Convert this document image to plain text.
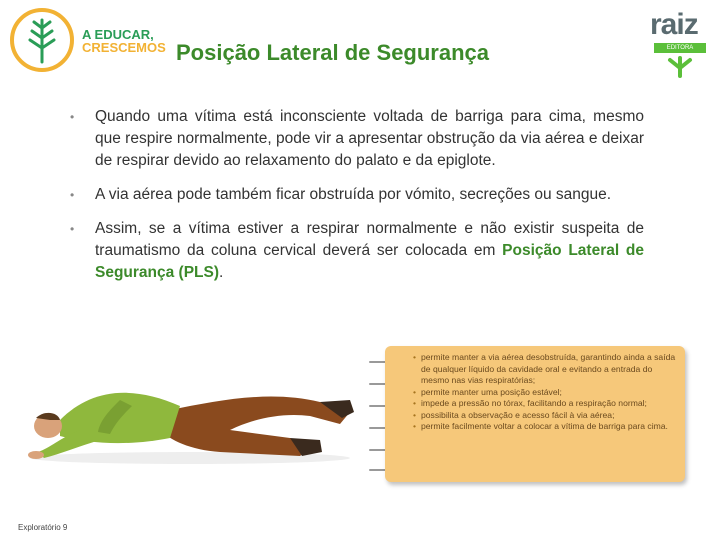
A EDUCAR,
CRESCEMOS Posição Lateral de Segurança
raiz
EDITORA
• Quando uma vítima está inconsciente voltada de barriga para cima, mesmo que respire normalmente, pode vir a apresentar obstrução da via aérea e deixar de respirar devido ao relaxamento do palato e da epiglote.
• A via aérea pode também ficar obstruída por vómito, secreções ou sangue.
• Assim, se a vítima estiver a respirar normalmente e não existir suspeita de traumatismo da coluna cervical deverá ser colocada em Posição Lateral de Segurança (PLS).
• permite manter a via aérea desobstruída, garantindo ainda a saída de qualquer líquido da cavidade oral e evitando a entrada do mesmo nas vias respiratórias;
• permite manter uma posição estável;
• impede a pressão no tórax, facilitando a respiração normal;
• possibilita a observação e acesso fácil à via aérea;
• permite facilmente voltar a colocar a vítima de barriga para cima.
Exploratório 9
